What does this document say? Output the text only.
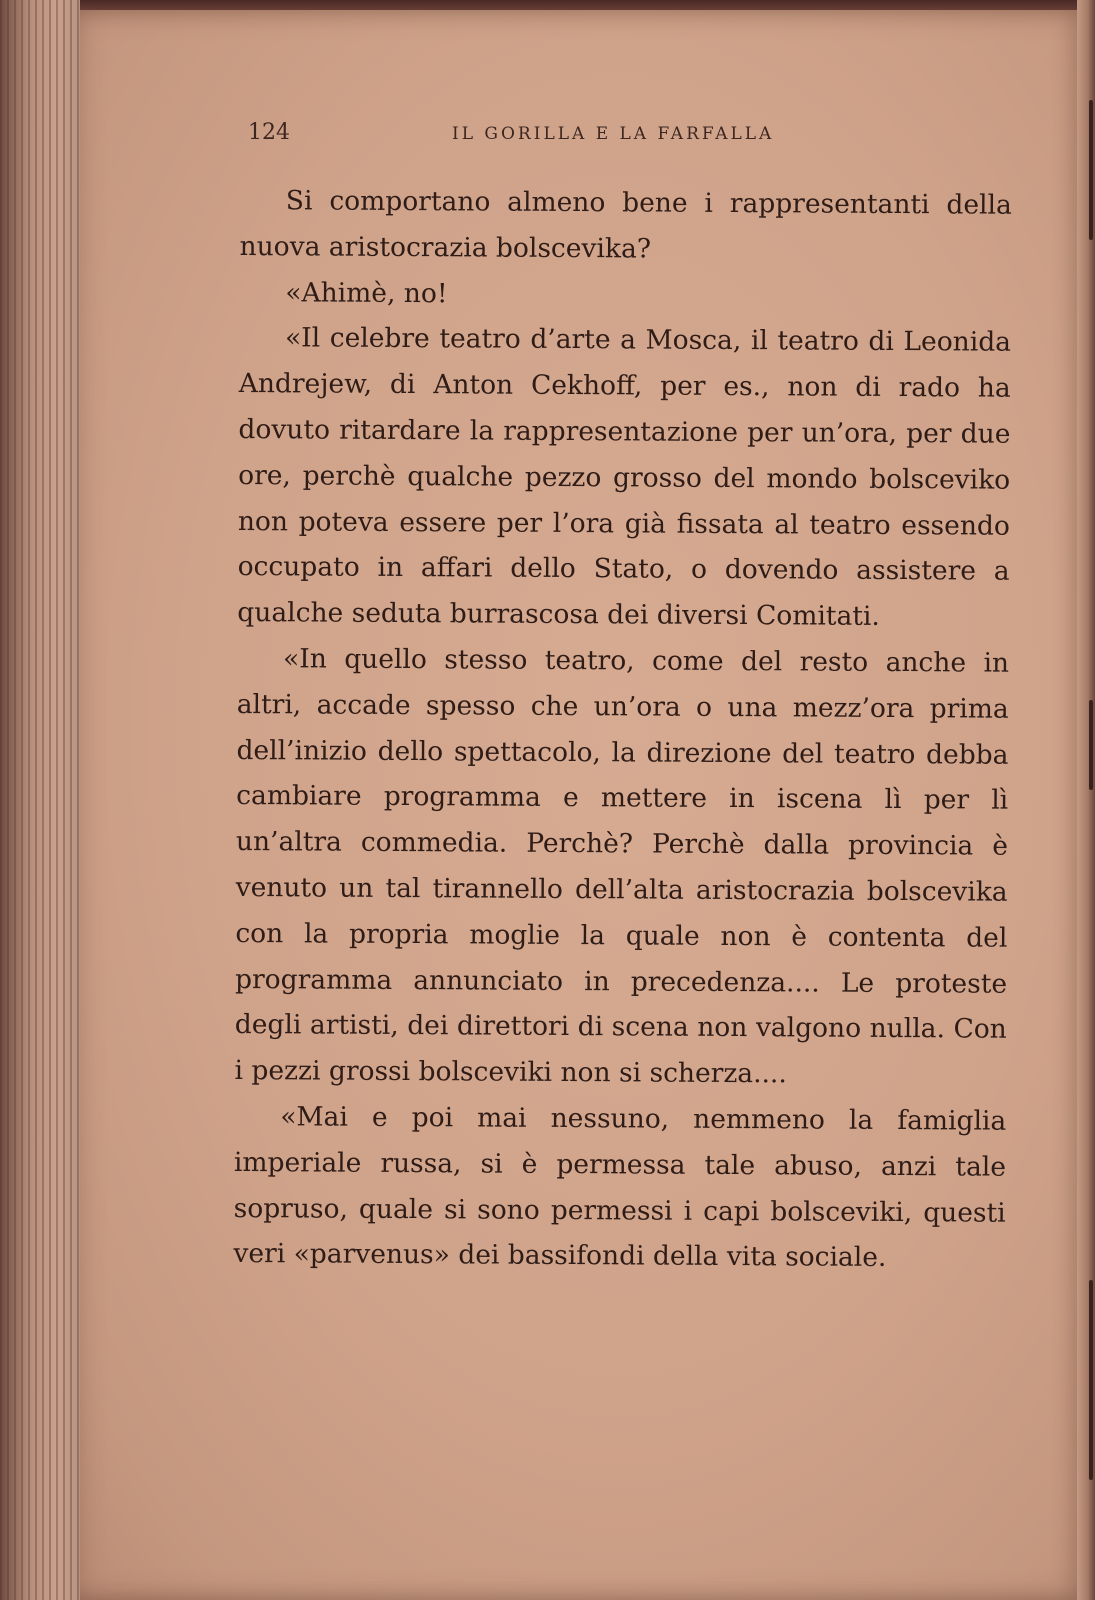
124	IL GORILLA E LA FARFALLA

Si comportano almeno bene i rappresentanti della nuova aristocrazia bolscevika?

«Ahimè, no!

«Il celebre teatro d’arte a Mosca, il teatro di Leonida Andrejew, di Anton Cekhoff, per es., non di rado ha dovuto ritardare la rappresentazione per un’ora, per due ore, perchè qualche pezzo grosso del mondo bolsceviko non poteva essere per l’ora già fissata al teatro essendo occupato in affari dello Stato, o dovendo assistere a qualche seduta burrascosa dei diversi Comitati.

«In quello stesso teatro, come del resto anche in altri, accade spesso che un’ora o una mezz’ora prima dell’inizio dello spettacolo, la direzione del teatro debba cambiare programma e mettere in iscena lì per lì un’altra commedia. Perchè? Perchè dalla provincia è venuto un tal tirannello dell’alta aristocrazia bolscevika con la propria moglie la quale non è contenta del programma annunciato in precedenza.... Le proteste degli artisti, dei direttori di scena non valgono nulla. Con i pezzi grossi bolsceviki non si scherza....

«Mai e poi mai nessuno, nemmeno la famiglia imperiale russa, si è permessa tale abuso, anzi tale sopruso, quale si sono permessi i capi bolsceviki, questi veri «parvenus» dei bassifondi della vita sociale.
